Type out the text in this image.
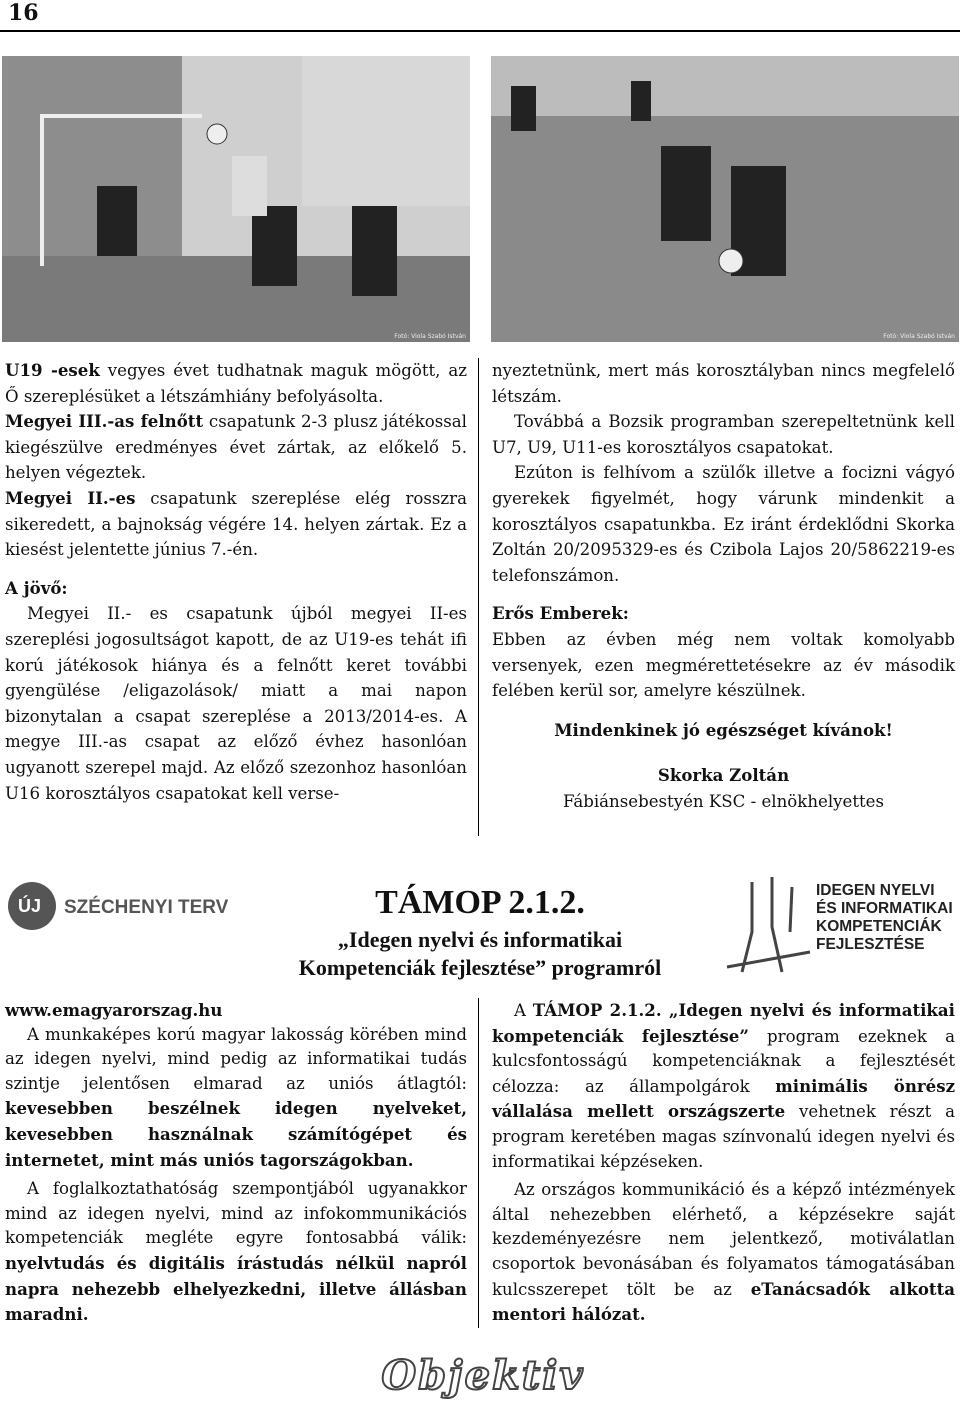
16
Fotó: Viola Szabó István	Fotó: Viola Szabó István

U19 -esek vegyes évet tudhatnak maguk mögött, az Ő szereplésüket a létszámhiány befolyásolta.

Megyei III.-as felnőtt csapatunk 2-3 plusz játékossal kiegészülve eredményes évet zártak, az előkelő 5. helyen végeztek.

Megyei II.-es csapatunk szereplése elég rosszra sikeredett, a bajnokság végére 14. helyen zártak. Ez a kiesést jelentette június 7.-én.

A jövő:

Megyei II.- es csapatunk újból megyei II-es szereplési jogosultságot kapott, de az U19-es tehát ifi korú játékosok hiánya és a felnőtt keret további gyengülése /eligazolások/ miatt a mai napon bizonytalan a csapat szereplése a 2013/2014-es. A megye III.-as csapat az előző évhez hasonlóan ugyanott szerepel majd. Az előző szezonhoz hasonlóan U16 korosztályos csapatokat kell verse-

nyeztetnünk, mert más korosztályban nincs megfelelő létszám.

Továbbá a Bozsik programban szerepeltetnünk kell U7, U9, U11-es korosztályos csapatokat.

Ezúton is felhívom a szülők illetve a focizni vágyó gyerekek figyelmét, hogy várunk mindenkit a korosztályos csapatunkba. Ez iránt érdeklődni Skorka Zoltán 20/2095329-es és Czibola Lajos 20/5862219-es telefonszámon.

Erős Emberek:

Ebben az évben még nem voltak komolyabb versenyek, ezen megmérettetésekre az év második felében kerül sor, amelyre készülnek.

Mindenkinek jó egészséget kívánok!

Skorka Zoltán

Fábiánsebestyén KSC - elnökhelyettes

ÚJ SZÉCHENYI TERV	TÁMOP 2.1.2.
„Idegen nyelvi és informatikai
Kompetenciák fejlesztése” programról
IDEGEN NYELVI
ÉS INFORMATIKAI
KOMPETENCIÁK
FEJLESZTÉSE

www.emagyarorszag.hu

A munkaképes korú magyar lakosság körében mind az idegen nyelvi, mind pedig az informatikai tudás szintje jelentősen elmarad az uniós átlagtól: kevesebben beszélnek idegen nyelveket, kevesebben használnak számítógépet és internetet, mint más uniós tagországokban.

A foglalkoztathatóság szempontjából ugyanakkor mind az idegen nyelvi, mind az infokommunikációs kompetenciák megléte egyre fontosabbá válik: nyelvtudás és digitális írástudás nélkül napról napra nehezebb elhelyezkedni, illetve állásban maradni.

A TÁMOP 2.1.2. „Idegen nyelvi és informatikai kompetenciák fejlesztése” program ezeknek a kulcsfontosságú kompetenciáknak a fejlesztését célozza: az állampolgárok minimális önrész vállalása mellett országszerte vehetnek részt a program keretében magas színvonalú idegen nyelvi és informatikai képzéseken.

Az országos kommunikáció és a képző intézmények által nehezebben elérhető, a képzésekre saját kezdeményezésre nem jelentkező, motiválatlan csoportok bevonásában és folyamatos támogatásában kulcsszerepet tölt be az eTanácsadók alkotta mentori hálózat.

Objektiv
